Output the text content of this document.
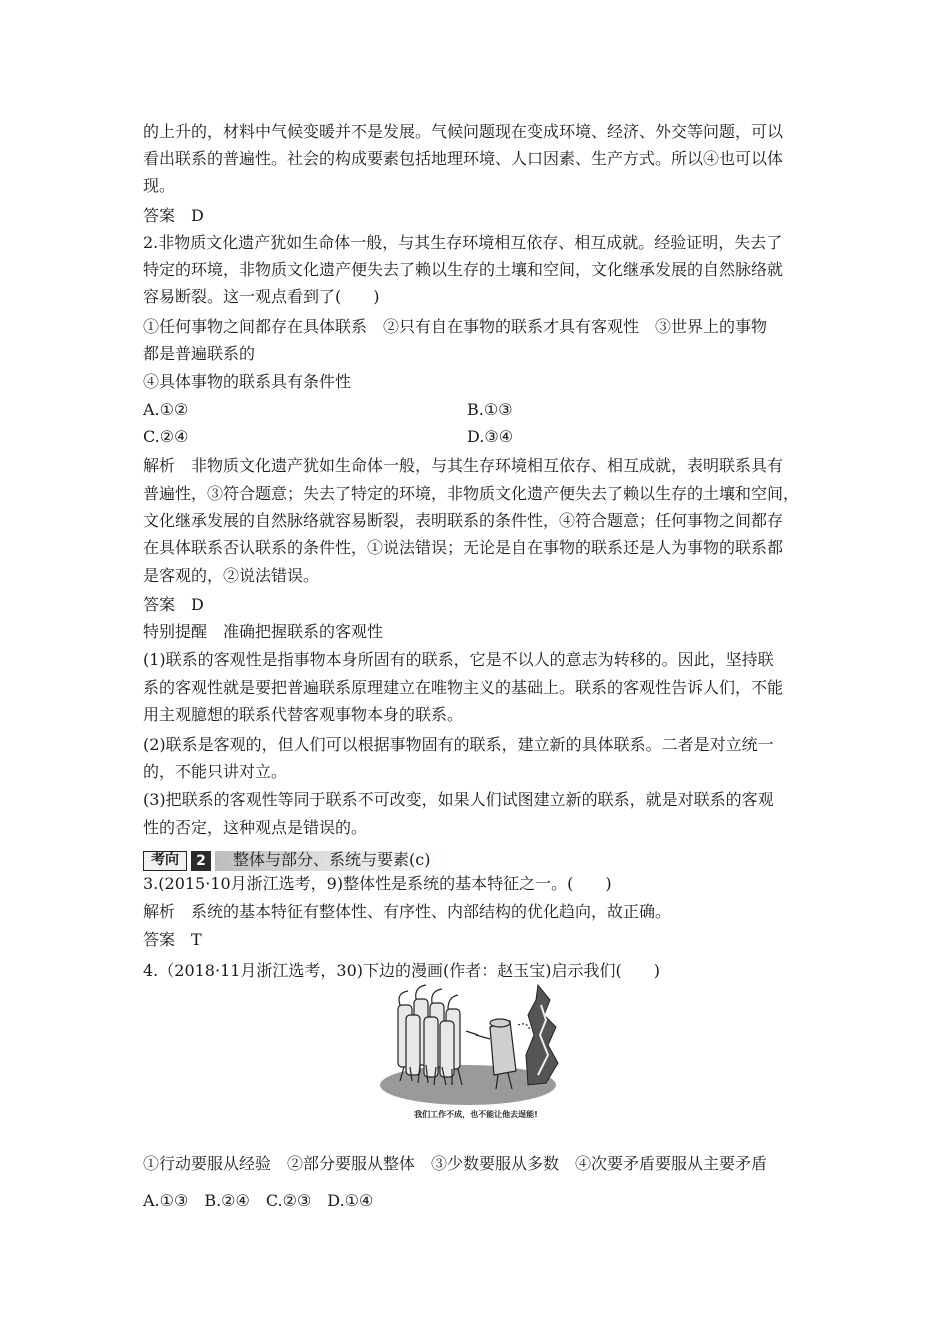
的上升的，材料中气候变暖并不是发展。气候问题现在变成环境、经济、外交等问题，可以
看出联系的普遍性。社会的构成要素包括地理环境、人口因素、生产方式。所以④也可以体
现。
答案　D
2.非物质文化遗产犹如生命体一般，与其生存环境相互依存、相互成就。经验证明，失去了
特定的环境，非物质文化遗产便失去了赖以生存的土壤和空间，文化继承发展的自然脉络就
容易断裂。这一观点看到了(　　)
①任何事物之间都存在具体联系　②只有自在事物的联系才具有客观性　③世界上的事物
都是普遍联系的
④具体事物的联系具有条件性
A.①②	B.①③
C.②④	D.③④
解析　非物质文化遗产犹如生命体一般，与其生存环境相互依存、相互成就，表明联系具有
普遍性，③符合题意；失去了特定的环境，非物质文化遗产便失去了赖以生存的土壤和空间，
文化继承发展的自然脉络就容易断裂，表明联系的条件性，④符合题意；任何事物之间都存
在具体联系否认联系的条件性，①说法错误；无论是自在事物的联系还是人为事物的联系都
是客观的，②说法错误。
答案　D
特别提醒　准确把握联系的客观性
(1)联系的客观性是指事物本身所固有的联系，它是不以人的意志为转移的。因此，坚持联
系的客观性就是要把普遍联系原理建立在唯物主义的基础上。联系的客观性告诉人们，不能
用主观臆想的联系代替客观事物本身的联系。
(2)联系是客观的，但人们可以根据事物固有的联系，建立新的具体联系。二者是对立统一
的，不能只讲对立。
(3)把联系的客观性等同于联系不可改变，如果人们试图建立新的联系，就是对联系的客观
性的否定，这种观点是错误的。
考向	2	整体与部分、系统与要素(c)
3.(2015·10月浙江选考，9)整体性是系统的基本特征之一。(　　)
解析　系统的基本特征有整体性、有序性、内部结构的优化趋向，故正确。
答案　T
4.（2018·11月浙江选考，30)下边的漫画(作者：赵玉宝)启示我们(　　)
我们工作不成，也不能让他去逞能!
①行动要服从经验　②部分要服从整体　③少数要服从多数　④次要矛盾要服从主要矛盾
A.①③　B.②④　C.②③　D.①④
